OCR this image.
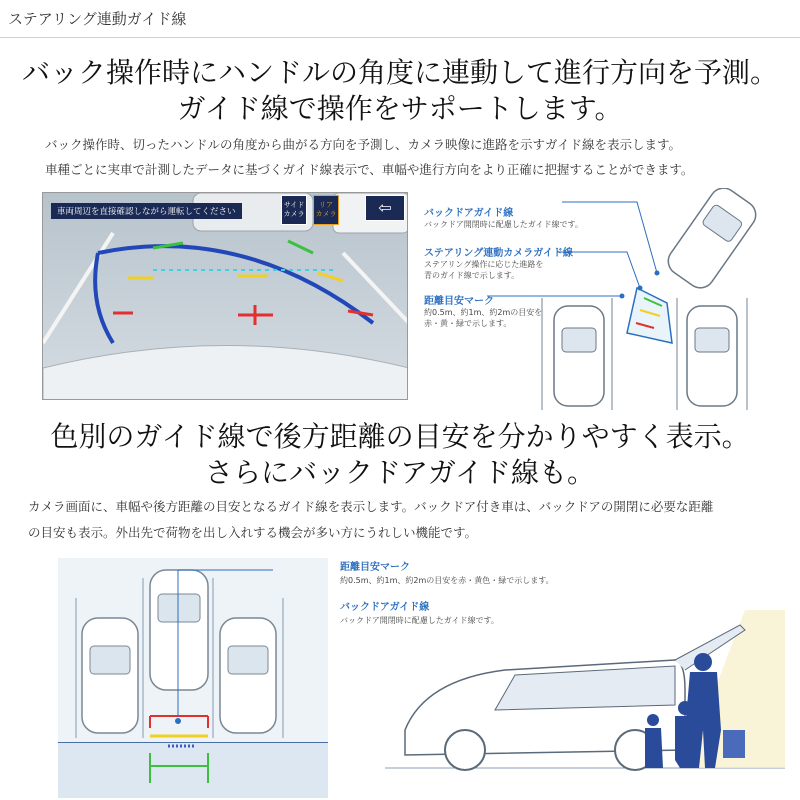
ステアリング連動ガイド線
バック操作時にハンドルの角度に連動して進行方向を予測。
ガイド線で操作をサポートします。
バック操作時、切ったハンドルの角度から曲がる方向を予測し、カメラ映像に進路を示すガイド線を表示します。
車種ごとに実車で計測したデータに基づくガイド線表示で、車幅や進行方向をより正確に把握することができます。
車両周辺を直接確認しながら運転してください
サイド
カメラ
リア
カメラ	⇦	バックドアガイド線
バックドア開閉時に配慮したガイド線です。
ステアリング連動カメラガイド線
ステアリング操作に応じた進路を
青のガイド線で示します。
距離目安マーク
約0.5m、約1m、約2mの目安を
赤・黄・緑で示します。
色別のガイド線で後方距離の目安を分かりやすく表示。
さらにバックドアガイド線も。
カメラ画面に、車幅や後方距離の目安となるガイド線を表示します。バックドア付き車は、バックドアの開閉に必要な距離
の目安も表示。外出先で荷物を出し入れする機会が多い方にうれしい機能です。
距離目安マーク
約0.5m、約1m、約2mの目安を赤・黄色・緑で示します。
バックドアガイド線
バックドア開閉時に配慮したガイド線です。
